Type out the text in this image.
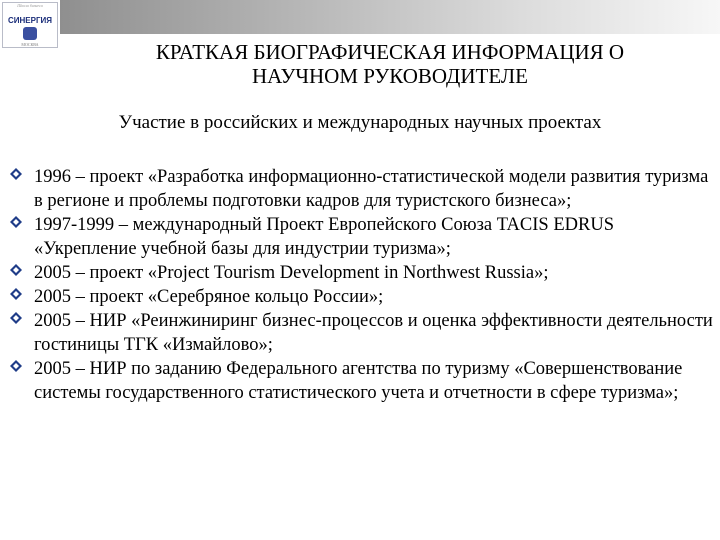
Школа бизнеса
СИНЕРГИЯ
МОСКВА	КРАТКАЯ БИОГРАФИЧЕСКАЯ ИНФОРМАЦИЯ О
НАУЧНОМ РУКОВОДИТЕЛЕ
Участие в российских и международных научных проектах
1996 – проект «Разработка информационно-статистической модели развития туризма в регионе и проблемы подготовки кадров для туристского бизнеса»;
1997-1999 – международный Проект Европейского Союза TACIS EDRUS «Укрепление учебной базы для индустрии туризма»;
2005 – проект «Project Tourism Development in Northwest Russia»;
2005 – проект «Серебряное кольцо России»;
2005 – НИР «Реинжиниринг бизнес-процессов и оценка эффективности деятельности гостиницы ТГК «Измайлово»;
2005 – НИР по заданию Федерального агентства по туризму «Совершенствование системы государственного статистического учета и отчетности в сфере туризма»;
